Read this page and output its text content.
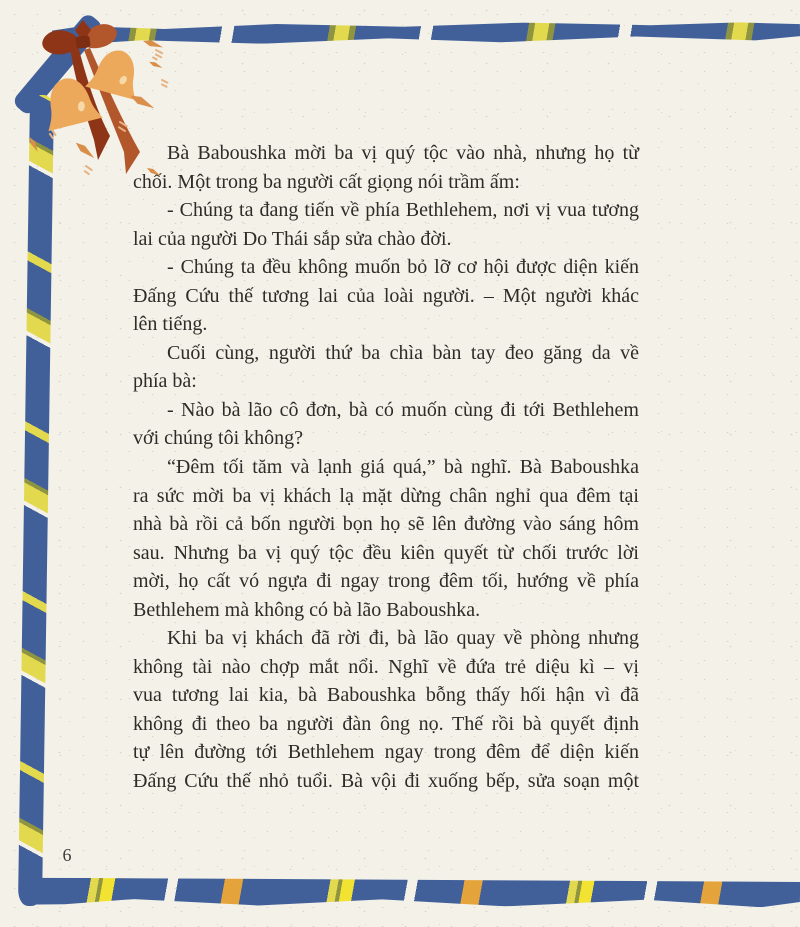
Bà Baboushka mời ba vị quý tộc vào nhà, nhưng họ từ
chối. Một trong ba người cất giọng nói trầm ấm:
- Chúng ta đang tiến về phía Bethlehem, nơi vị vua tương
lai của người Do Thái sắp sửa chào đời.
- Chúng ta đều không muốn bỏ lỡ cơ hội được diện kiến
Đấng Cứu thế tương lai của loài người. – Một người khác
lên tiếng.
Cuối cùng, người thứ ba chìa bàn tay đeo găng da về
phía bà:
- Nào bà lão cô đơn, bà có muốn cùng đi tới Bethlehem
với chúng tôi không?
“Đêm tối tăm và lạnh giá quá,” bà nghĩ. Bà Baboushka
ra sức mời ba vị khách lạ mặt dừng chân nghỉ qua đêm tại
nhà bà rồi cả bốn người bọn họ sẽ lên đường vào sáng hôm
sau. Nhưng ba vị quý tộc đều kiên quyết từ chối trước lời
mời, họ cất vó ngựa đi ngay trong đêm tối, hướng về phía
Bethlehem mà không có bà lão Baboushka.
Khi ba vị khách đã rời đi, bà lão quay về phòng nhưng
không tài nào chợp mắt nổi. Nghĩ về đứa trẻ diệu kì – vị
vua tương lai kia, bà Baboushka bỗng thấy hối hận vì đã
không đi theo ba người đàn ông nọ. Thế rồi bà quyết định
tự lên đường tới Bethlehem ngay trong đêm để diện kiến
Đấng Cứu thế nhỏ tuổi. Bà vội đi xuống bếp, sửa soạn một
6
